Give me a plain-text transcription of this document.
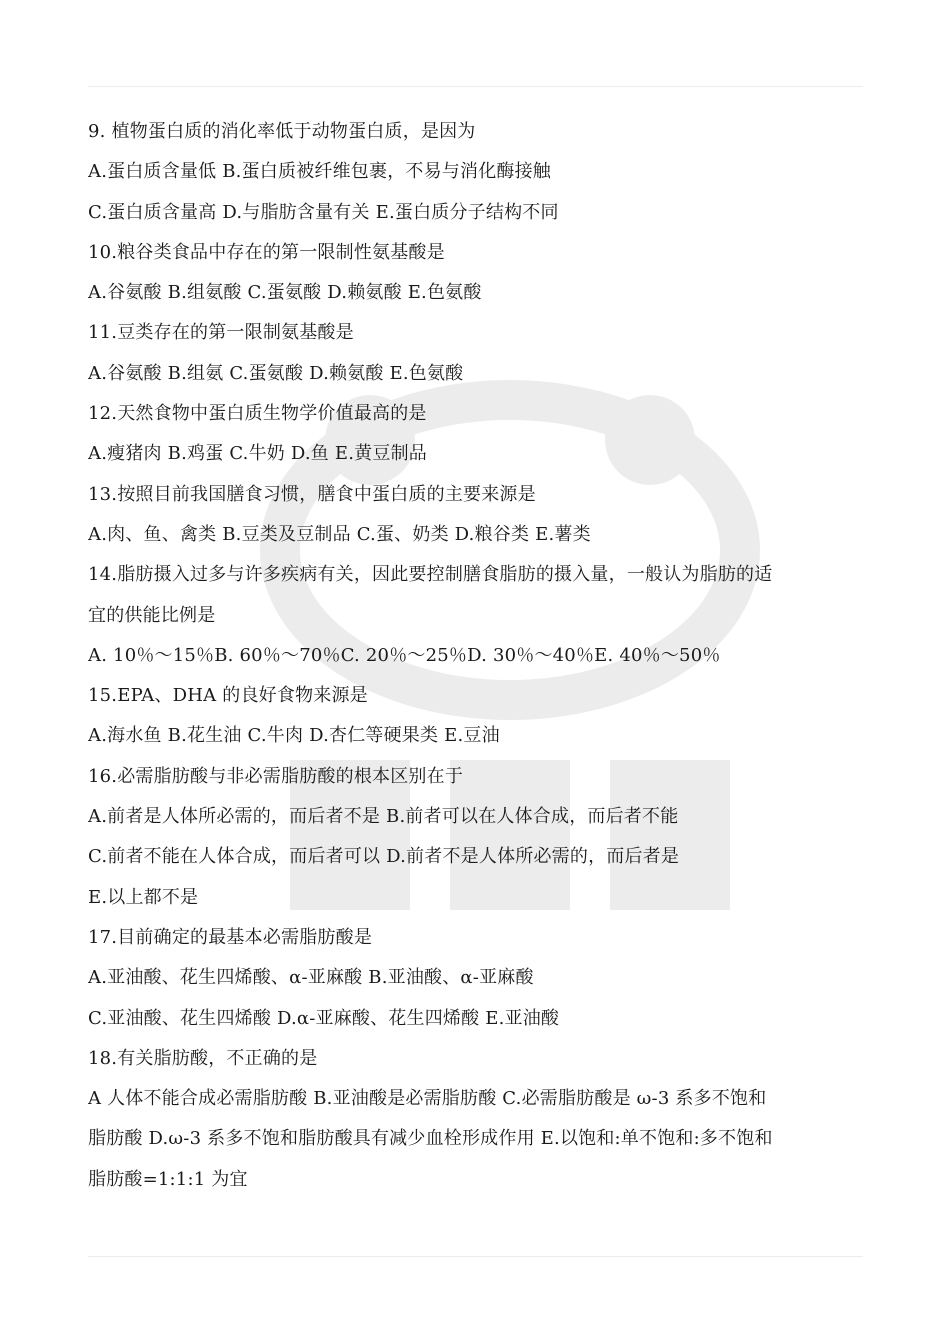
9. 植物蛋白质的消化率低于动物蛋白质，是因为
A.蛋白质含量低 B.蛋白质被纤维包裹，不易与消化酶接触
C.蛋白质含量高 D.与脂肪含量有关 E.蛋白质分子结构不同
10.粮谷类食品中存在的第一限制性氨基酸是
A.谷氨酸 B.组氨酸 C.蛋氨酸 D.赖氨酸 E.色氨酸
11.豆类存在的第一限制氨基酸是
A.谷氨酸 B.组氨 C.蛋氨酸 D.赖氨酸 E.色氨酸
12.天然食物中蛋白质生物学价值最高的是
A.瘦猪肉 B.鸡蛋 C.牛奶 D.鱼 E.黄豆制品
13.按照目前我国膳食习惯，膳食中蛋白质的主要来源是
A.肉、鱼、禽类 B.豆类及豆制品 C.蛋、奶类 D.粮谷类 E.薯类
14.脂肪摄入过多与许多疾病有关，因此要控制膳食脂肪的摄入量，一般认为脂肪的适
宜的供能比例是
A. 10％～15％B. 60％～70％C. 20％～25％D. 30％～40％E. 40％～50％
15.EPA、DHA 的良好食物来源是
A.海水鱼 B.花生油 C.牛肉 D.杏仁等硬果类 E.豆油
16.必需脂肪酸与非必需脂肪酸的根本区别在于
A.前者是人体所必需的，而后者不是 B.前者可以在人体合成，而后者不能
C.前者不能在人体合成，而后者可以 D.前者不是人体所必需的，而后者是
E.以上都不是
17.目前确定的最基本必需脂肪酸是
A.亚油酸、花生四烯酸、α-亚麻酸 B.亚油酸、α-亚麻酸
C.亚油酸、花生四烯酸 D.α-亚麻酸、花生四烯酸 E.亚油酸
18.有关脂肪酸，不正确的是
A 人体不能合成必需脂肪酸 B.亚油酸是必需脂肪酸 C.必需脂肪酸是 ω-3 系多不饱和
脂肪酸 D.ω-3 系多不饱和脂肪酸具有减少血栓形成作用 E.以饱和:单不饱和:多不饱和
脂肪酸=1:1:1 为宜
